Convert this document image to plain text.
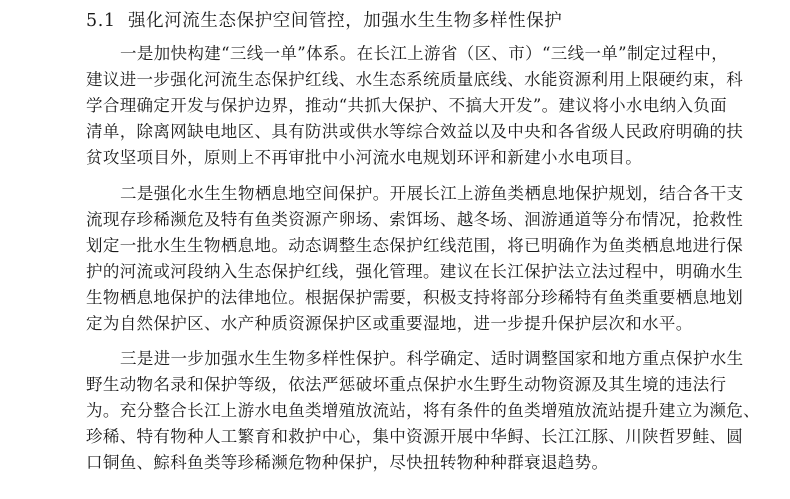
5.1 强化河流生态保护空间管控，加强水生生物多样性保护
一是加快构建“三线一单”体系。在长江上游省（区、市）“三线一单”制定过程中，
建议进一步强化河流生态保护红线、水生态系统质量底线、水能资源利用上限硬约束，科
学合理确定开发与保护边界，推动“共抓大保护、不搞大开发”。建议将小水电纳入负面
清单，除离网缺电地区、具有防洪或供水等综合效益以及中央和各省级人民政府明确的扶
贫攻坚项目外，原则上不再审批中小河流水电规划环评和新建小水电项目。
二是强化水生生物栖息地空间保护。开展长江上游鱼类栖息地保护规划，结合各干支
流现存珍稀濒危及特有鱼类资源产卵场、索饵场、越冬场、洄游通道等分布情况，抢救性
划定一批水生生物栖息地。动态调整生态保护红线范围，将已明确作为鱼类栖息地进行保
护的河流或河段纳入生态保护红线，强化管理。建议在长江保护法立法过程中，明确水生
生物栖息地保护的法律地位。根据保护需要，积极支持将部分珍稀特有鱼类重要栖息地划
定为自然保护区、水产种质资源保护区或重要湿地，进一步提升保护层次和水平。
三是进一步加强水生生物多样性保护。科学确定、适时调整国家和地方重点保护水生
野生动物名录和保护等级，依法严惩破坏重点保护水生野生动物资源及其生境的违法行
为。充分整合长江上游水电鱼类增殖放流站，将有条件的鱼类增殖放流站提升建立为濒危、
珍稀、特有物种人工繁育和救护中心，集中资源开展中华鲟、长江江豚、川陕哲罗鲑、圆
口铜鱼、鯮科鱼类等珍稀濒危物种保护，尽快扭转物种种群衰退趋势。
